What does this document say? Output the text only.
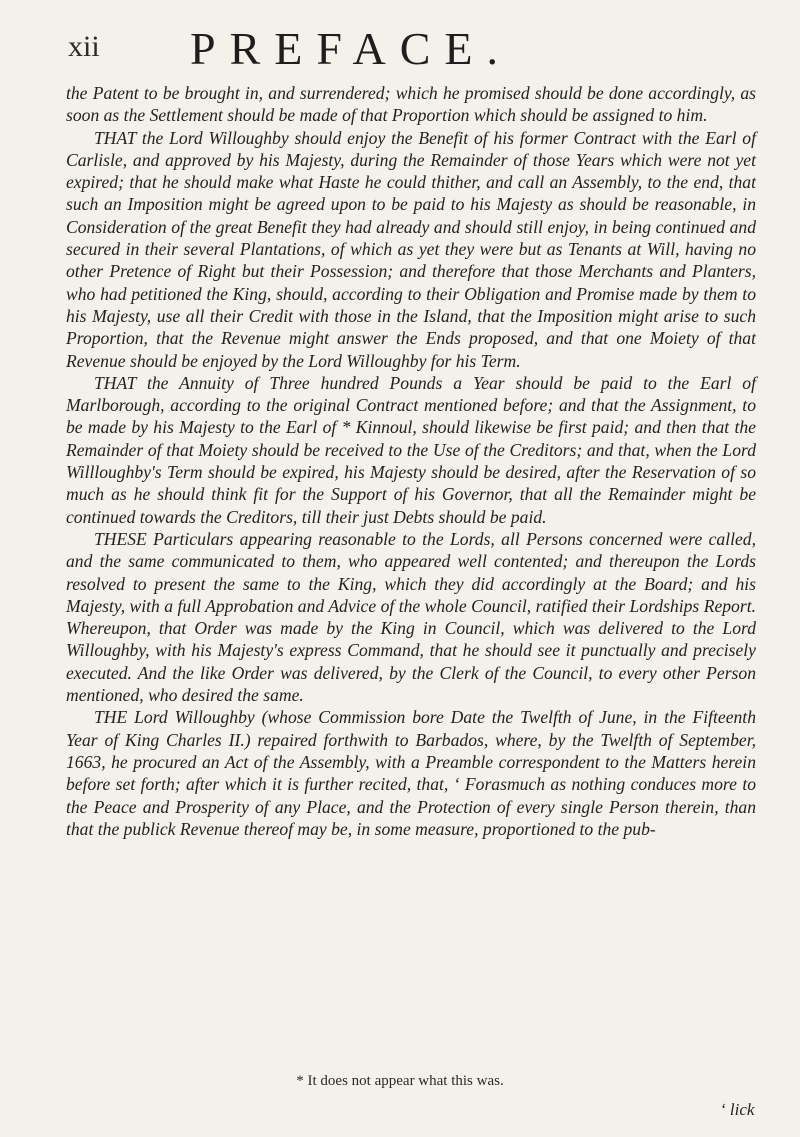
xii PREFACE.

the Patent to be brought in, and surrendered; which he promised should be done accordingly, as soon as the Settlement should be made of that Proportion which should be assigned to him.

THAT the Lord Willoughby should enjoy the Benefit of his former Contract with the Earl of Carlisle, and approved by his Majesty, during the Remainder of those Years which were not yet expired; that he should make what Haste he could thither, and call an Assembly, to the end, that such an Imposition might be agreed upon to be paid to his Majesty as should be reasonable, in Consideration of the great Benefit they had already and should still enjoy, in being continued and secured in their several Plantations, of which as yet they were but as Tenants at Will, having no other Pretence of Right but their Possession; and therefore that those Merchants and Planters, who had petitioned the King, should, according to their Obligation and Promise made by them to his Majesty, use all their Credit with those in the Island, that the Imposition might arise to such Proportion, that the Revenue might answer the Ends proposed, and that one Moiety of that Revenue should be enjoyed by the Lord Willoughby for his Term.

THAT the Annuity of Three hundred Pounds a Year should be paid to the Earl of Marlborough, according to the original Contract mentioned before; and that the Assignment, to be made by his Majesty to the Earl of * Kinnoul, should likewise be first paid; and then that the Remainder of that Moiety should be received to the Use of the Creditors; and that, when the Lord Willloughby's Term should be expired, his Majesty should be desired, after the Reservation of so much as he should think fit for the Support of his Governor, that all the Remainder might be continued towards the Creditors, till their just Debts should be paid.

THESE Particulars appearing reasonable to the Lords, all Persons concerned were called, and the same communicated to them, who appeared well contented; and thereupon the Lords resolved to present the same to the King, which they did accordingly at the Board; and his Majesty, with a full Approbation and Advice of the whole Council, ratified their Lordships Report. Whereupon, that Order was made by the King in Council, which was delivered to the Lord Willoughby, with his Majesty's express Command, that he should see it punctually and precisely executed. And the like Order was delivered, by the Clerk of the Council, to every other Person mentioned, who desired the same.

THE Lord Willoughby (whose Commission bore Date the Twelfth of June, in the Fifteenth Year of King Charles II.) repaired forthwith to Barbados, where, by the Twelfth of September, 1663, he procured an Act of the Assembly, with a Preamble correspondent to the Matters herein before set forth; after which it is further recited, that, ‘ Forasmuch as nothing conduces more to the Peace and Prosperity of any Place, and the Protection of every single Person therein, than that the publick Revenue thereof may be, in some measure, proportioned to the pub-

* It does not appear what this was.
‘ lick
